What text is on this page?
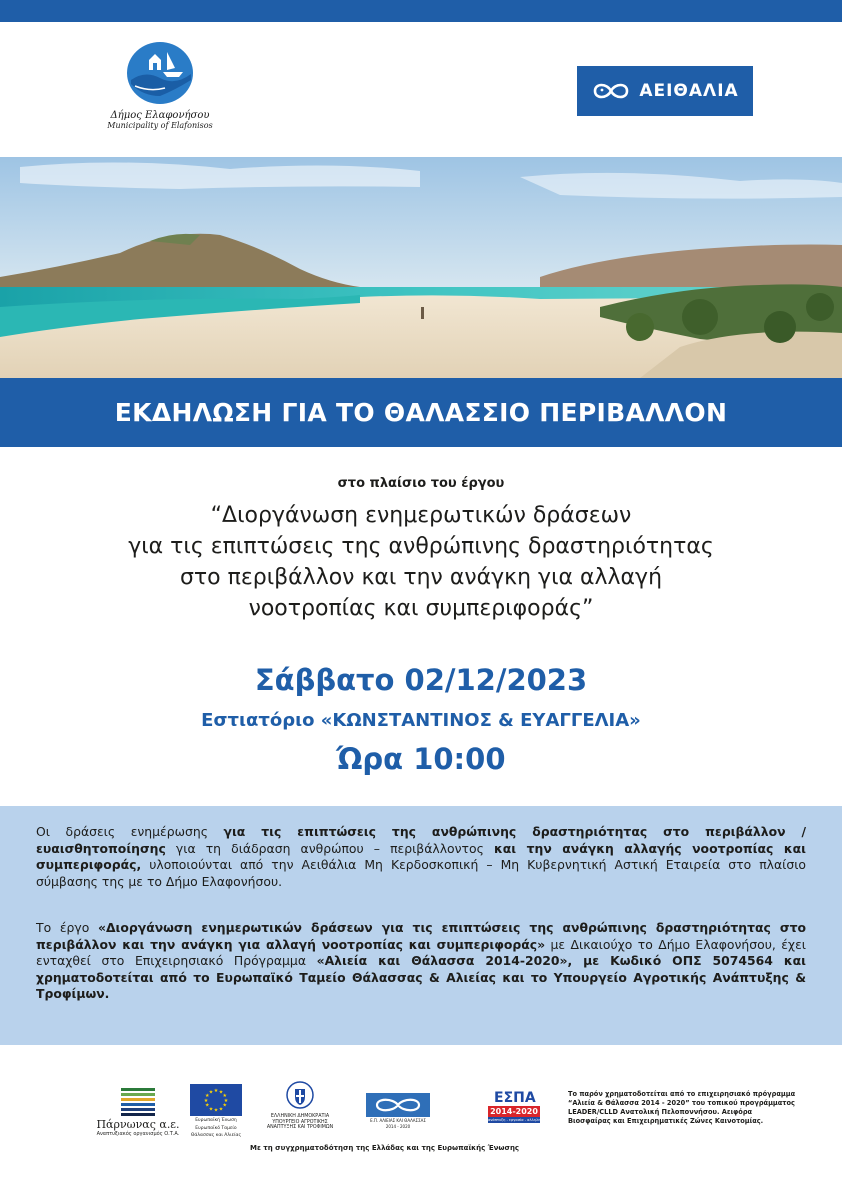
Δήμος Ελαφονήσου
Municipality of Elafonisos
ΑΕΙΘΑΛΙΑ
ΕΚΔΗΛΩΣΗ ΓΙΑ ΤΟ ΘΑΛΑΣΣΙΟ ΠΕΡΙΒΑΛΛΟΝ
στο πλαίσιο του έργου
“Διοργάνωση ενημερωτικών δράσεων
για τις επιπτώσεις της ανθρώπινης δραστηριότητας
στο περιβάλλον και την ανάγκη για αλλαγή
νοοτροπίας και συμπεριφοράς”
Σάββατο 02/12/2023
Εστιατόριο «ΚΩΝΣΤΑΝΤΙΝΟΣ & ΕΥΑΓΓΕΛΙΑ»
Ώρα 10:00
Οι δράσεις ενημέρωσης για τις επιπτώσεις της ανθρώπινης δραστηριότητας στο περιβάλλον / ευαισθητοποίησης για τη διάδραση ανθρώπου – περιβάλλοντος και την ανάγκη αλλαγής νοοτροπίας και συμπεριφοράς, υλοποιούνται από την Αειθάλια Μη Κερδοσκοπική – Μη Κυβερνητική Αστική Εταιρεία στο πλαίσιο σύμβασης της με το Δήμο Ελαφονήσου.
Το έργο «Διοργάνωση ενημερωτικών δράσεων για τις επιπτώσεις της ανθρώπινης δραστηριότητας στο περιβάλλον και την ανάγκη για αλλαγή νοοτροπίας και συμπεριφοράς» με Δικαιούχο το Δήμο Ελαφονήσου, έχει ενταχθεί στο Επιχειρησιακό Πρόγραμμα «Αλιεία και Θάλασσα 2014-2020», με Κωδικό ΟΠΣ 5074564 και χρηματοδοτείται από το Ευρωπαϊκό Ταμείο Θάλασσας & Αλιείας και το Υπουργείο Αγροτικής Ανάπτυξης & Τροφίμων.
Πάρνωνας α.ε.
Αναπτυξιακός οργανισμός Ο.Τ.Α.
★ ★
★
★
★
★
★
★
★
★
★
★
Ευρωπαϊκή Ένωση
Ευρωπαϊκό Ταμείο
Θάλασσας και Αλιείας
ΕΛΛΗΝΙΚΗ ΔΗΜΟΚΡΑΤΙΑ
ΥΠΟΥΡΓΕΙΟ ΑΓΡΟΤΙΚΗΣ
ΑΝΑΠΤΥΞΗΣ ΚΑΙ ΤΡΟΦΙΜΩΝ
Ε.Π. ΑΛΙΕΙΑΣ ΚΑΙ ΘΑΛΑΣΣΑΣ
2014 - 2020
ΕΣΠΑ
2014-2020
ανάπτυξη - εργασία - αλληλεγγύη
Με τη συγχρηματοδότηση της Ελλάδας και της Ευρωπαϊκής Ένωσης
Το παρόν χρηματοδοτείται από το επιχειρησιακό πρόγραμμα
“Αλιεία & Θάλασσα 2014 - 2020” του τοπικού προγράμματος
LEADER/CLLD Ανατολική Πελοποννήσου. Αειφόρα
Βιοσφαίρας και Επιχειρηματικές Ζώνες Καινοτομίας.
